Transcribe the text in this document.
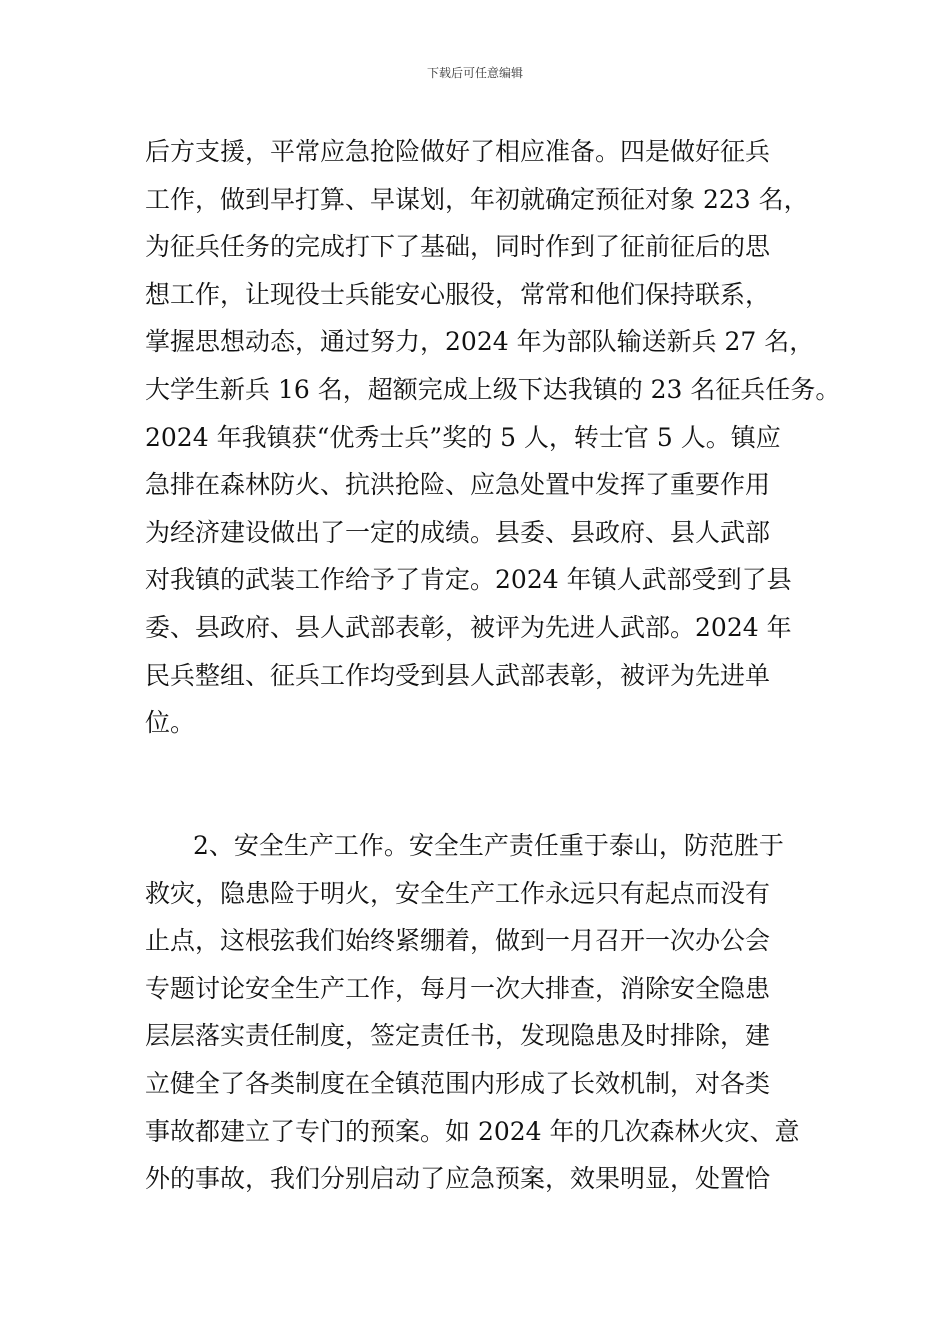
下载后可任意编辑
后方支援，平常应急抢险做好了相应准备。四是做好征兵
工作，做到早打算、早谋划，年初就确定预征对象 223 名，
为征兵任务的完成打下了基础，同时作到了征前征后的思
想工作，让现役士兵能安心服役，常常和他们保持联系，
掌握思想动态，通过努力，2024 年为部队输送新兵 27 名，
大学生新兵 16 名，超额完成上级下达我镇的 23 名征兵任务。
2024 年我镇获“优秀士兵”奖的 5 人，转士官 5 人。镇应
急排在森林防火、抗洪抢险、应急处置中发挥了重要作用
为经济建设做出了一定的成绩。县委、县政府、县人武部
对我镇的武装工作给予了肯定。2024 年镇人武部受到了县
委、县政府、县人武部表彰，被评为先进人武部。2024 年
民兵整组、征兵工作均受到县人武部表彰，被评为先进单
位。
2、安全生产工作。安全生产责任重于泰山，防范胜于
救灾，隐患险于明火，安全生产工作永远只有起点而没有
止点，这根弦我们始终紧绷着，做到一月召开一次办公会
专题讨论安全生产工作，每月一次大排查，消除安全隐患
层层落实责任制度，签定责任书，发现隐患及时排除，建
立健全了各类制度在全镇范围内形成了长效机制，对各类
事故都建立了专门的预案。如 2024 年的几次森林火灾、意
外的事故，我们分别启动了应急预案，效果明显，处置恰
